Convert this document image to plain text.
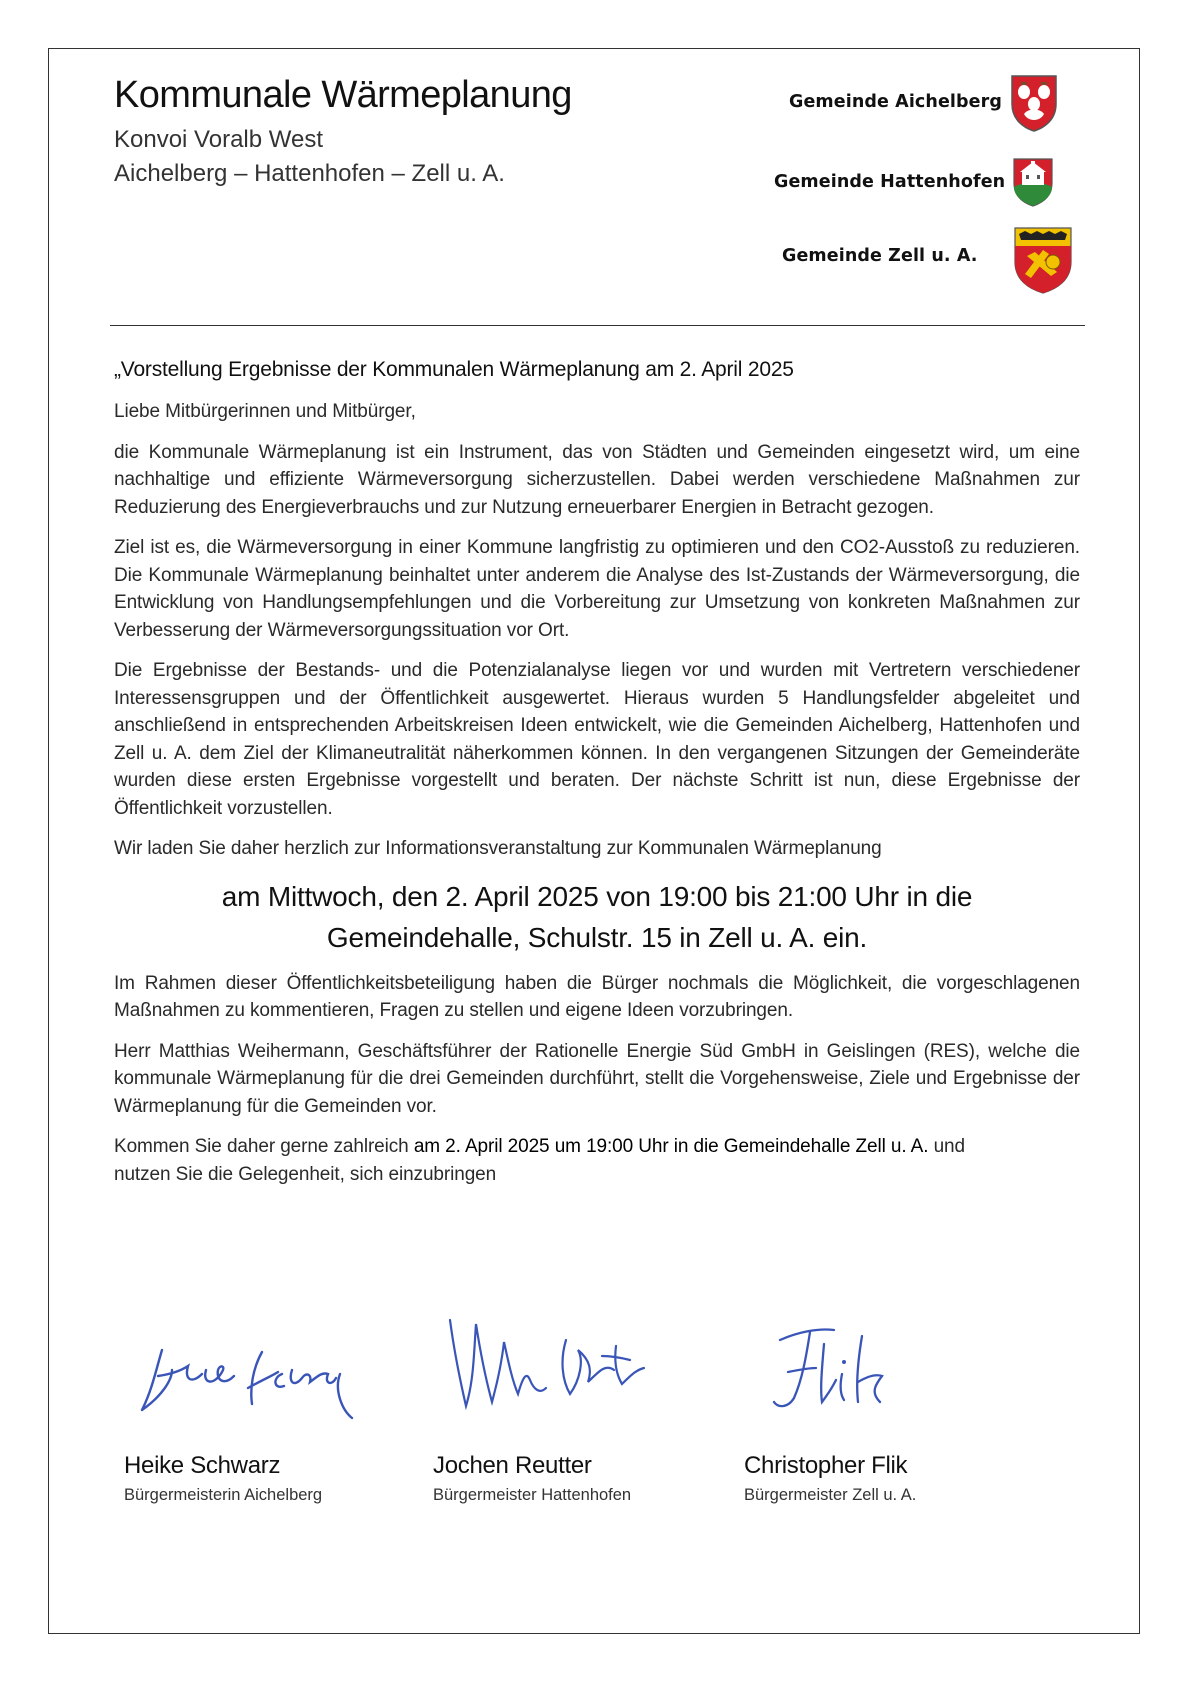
Kommunale Wärmeplanung
Konvoi Voralb West
Aichelberg – Hattenhofen – Zell u. A.
Gemeinde Aichelberg
Gemeinde Hattenhofen
Gemeinde Zell u. A.

„Vorstellung Ergebnisse der Kommunalen Wärmeplanung am 2. April 2025

Liebe Mitbürgerinnen und Mitbürger,

die Kommunale Wärmeplanung ist ein Instrument, das von Städten und Gemeinden eingesetzt wird, um eine nachhaltige und effiziente Wärmeversorgung sicherzustellen. Dabei werden verschiedene Maßnahmen zur Reduzierung des Energieverbrauchs und zur Nutzung erneuerbarer Energien in Betracht gezogen.

Ziel ist es, die Wärmeversorgung in einer Kommune langfristig zu optimieren und den CO2-Ausstoß zu reduzieren. Die Kommunale Wärmeplanung beinhaltet unter anderem die Analyse des Ist-Zustands der Wärmeversorgung, die Entwicklung von Handlungsempfehlungen und die Vorbereitung zur Umsetzung von konkreten Maßnahmen zur Verbesserung der Wärmeversorgungssituation vor Ort.

Die Ergebnisse der Bestands- und die Potenzialanalyse liegen vor und wurden mit Vertretern verschiedener Interessensgruppen und der Öffentlichkeit ausgewertet. Hieraus wurden 5 Handlungsfelder abgeleitet und anschließend in entsprechenden Arbeitskreisen Ideen entwickelt, wie die Gemeinden Aichelberg, Hattenhofen und Zell u. A. dem Ziel der Klimaneutralität näherkommen können. In den vergangenen Sitzungen der Gemeinderäte wurden diese ersten Ergebnisse vorgestellt und beraten. Der nächste Schritt ist nun, diese Ergebnisse der Öffentlichkeit vorzustellen.

Wir laden Sie daher herzlich zur Informationsveranstaltung zur Kommunalen Wärmeplanung

am Mittwoch, den 2. April 2025 von 19:00 bis 21:00 Uhr in die
Gemeindehalle, Schulstr. 15 in Zell u. A. ein.

Im Rahmen dieser Öffentlichkeitsbeteiligung haben die Bürger nochmals die Möglichkeit, die vorgeschlagenen Maßnahmen zu kommentieren, Fragen zu stellen und eigene Ideen vorzubringen.

Herr Matthias Weihermann, Geschäftsführer der Rationelle Energie Süd GmbH in Geislingen (RES), welche die kommunale Wärmeplanung für die drei Gemeinden durchführt, stellt die Vorgehensweise, Ziele und Ergebnisse der Wärmeplanung für die Gemeinden vor.

Kommen Sie daher gerne zahlreich am 2. April 2025 um 19:00 Uhr in die Gemeindehalle Zell u. A. und nutzen Sie die Gelegenheit, sich einzubringen

Heike Schwarz
Bürgermeisterin Aichelberg
Jochen Reutter
Bürgermeister Hattenhofen
Christopher Flik
Bürgermeister Zell u. A.
